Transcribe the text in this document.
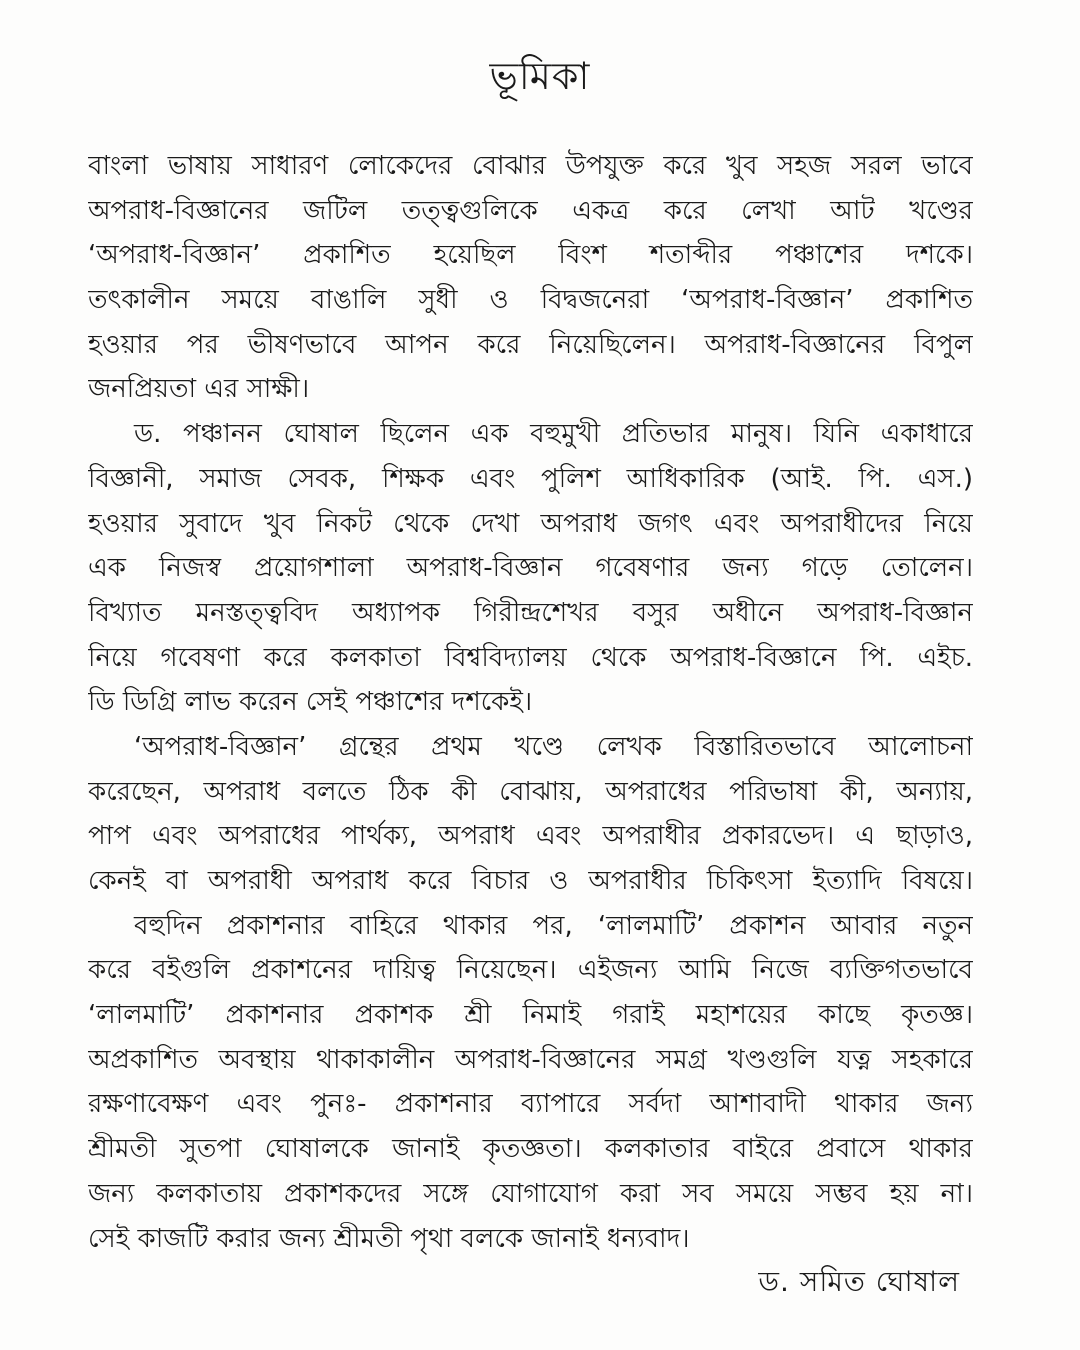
ভূমিকা
বাংলা ভাষায় সাধারণ লোকেদের বোঝার উপযুক্ত করে খুব সহজ সরল ভাবে
অপরাধ-বিজ্ঞানের জটিল তত্ত্বগুলিকে একত্র করে লেখা আট খণ্ডের
‘অপরাধ-বিজ্ঞান’ প্রকাশিত হয়েছিল বিংশ শতাব্দীর পঞ্চাশের দশকে।
তৎকালীন সময়ে বাঙালি সুধী ও বিদ্বজনেরা ‘অপরাধ-বিজ্ঞান’ প্রকাশিত
হওয়ার পর ভীষণভাবে আপন করে নিয়েছিলেন। অপরাধ-বিজ্ঞানের বিপুল
জনপ্রিয়তা এর সাক্ষী।
ড. পঞ্চানন ঘোষাল ছিলেন এক বহুমুখী প্রতিভার মানুষ। যিনি একাধারে
বিজ্ঞানী, সমাজ সেবক, শিক্ষক এবং পুলিশ আধিকারিক (আই. পি. এস.)
হওয়ার সুবাদে খুব নিকট থেকে দেখা অপরাধ জগৎ এবং অপরাধীদের নিয়ে
এক নিজস্ব প্রয়োগশালা অপরাধ-বিজ্ঞান গবেষণার জন্য গড়ে তোলেন।
বিখ্যাত মনস্তত্ত্ববিদ অধ্যাপক গিরীন্দ্রশেখর বসুর অধীনে অপরাধ-বিজ্ঞান
নিয়ে গবেষণা করে কলকাতা বিশ্ববিদ্যালয় থেকে অপরাধ-বিজ্ঞানে পি. এইচ.
ডি ডিগ্রি লাভ করেন সেই পঞ্চাশের দশকেই।
‘অপরাধ-বিজ্ঞান’ গ্রন্থের প্রথম খণ্ডে লেখক বিস্তারিতভাবে আলোচনা
করেছেন, অপরাধ বলতে ঠিক কী বোঝায়, অপরাধের পরিভাষা কী, অন্যায়,
পাপ এবং অপরাধের পার্থক্য, অপরাধ এবং অপরাধীর প্রকারভেদ। এ ছাড়াও,
কেনই বা অপরাধী অপরাধ করে বিচার ও অপরাধীর চিকিৎসা ইত্যাদি বিষয়ে।
বহুদিন প্রকাশনার বাহিরে থাকার পর, ‘লালমাটি’ প্রকাশন আবার নতুন
করে বইগুলি প্রকাশনের দায়িত্ব নিয়েছেন। এইজন্য আমি নিজে ব্যক্তিগতভাবে
‘লালমাটি’ প্রকাশনার প্রকাশক শ্রী নিমাই গরাই মহাশয়ের কাছে কৃতজ্ঞ।
অপ্রকাশিত অবস্থায় থাকাকালীন অপরাধ-বিজ্ঞানের সমগ্র খণ্ডগুলি যত্ন সহকারে
রক্ষণাবেক্ষণ এবং পুনঃ- প্রকাশনার ব্যাপারে সর্বদা আশাবাদী থাকার জন্য
শ্রীমতী সুতপা ঘোষালকে জানাই কৃতজ্ঞতা। কলকাতার বাইরে প্রবাসে থাকার
জন্য কলকাতায় প্রকাশকদের সঙ্গে যোগাযোগ করা সব সময়ে সম্ভব হয় না।
সেই কাজটি করার জন্য শ্রীমতী পৃথা বলকে জানাই ধন্যবাদ।
ড. সমিত ঘোষাল
